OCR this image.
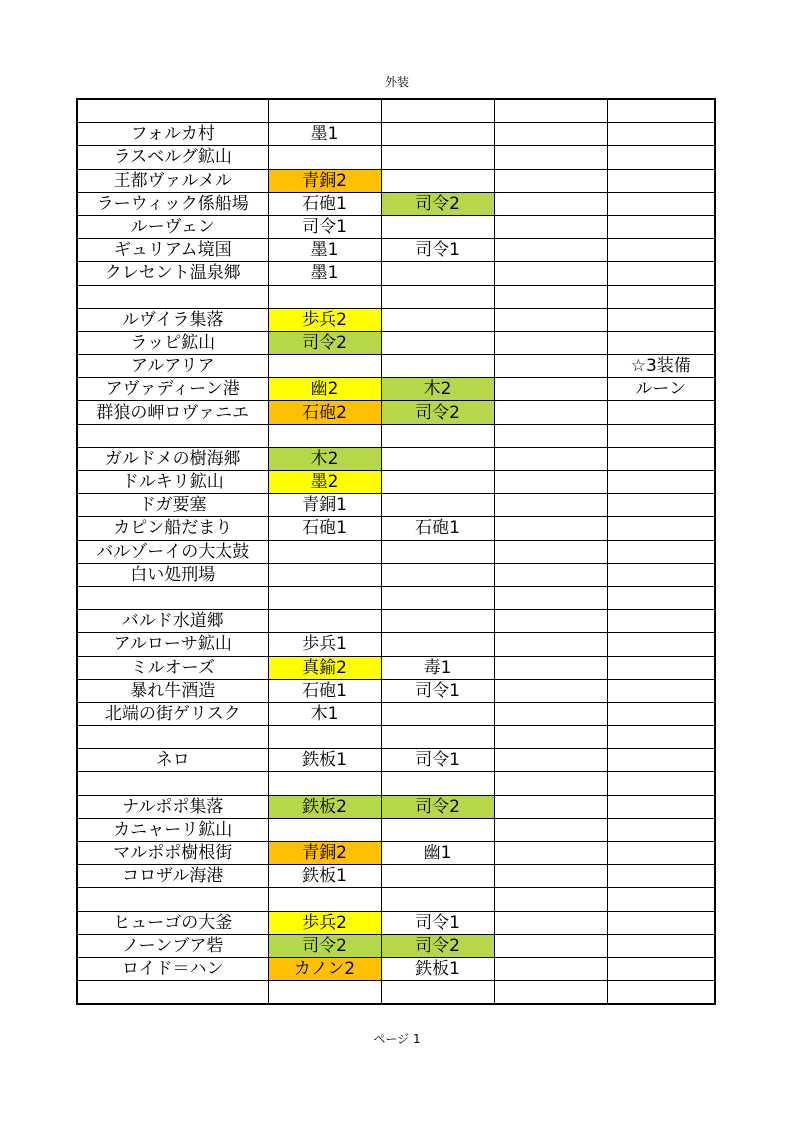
外装

フォルカ村	墨1			
ラスベルグ鉱山				
王都ヴァルメル	青銅2			
ラーウィック係船場	石砲1	司令2		
ルーヴェン	司令1			
ギュリアム境国	墨1	司令1		
クレセント温泉郷	墨1			

ルヴイラ集落	歩兵2			
ラッピ鉱山	司令2			
アルアリア				☆3装備
アヴァディーン港	幽2	木2		ルーン
群狼の岬ロヴァニエ	石砲2	司令2		

ガルドメの樹海郷	木2			
ドルキリ鉱山	墨2			
ドガ要塞	青銅1			
カピン船だまり	石砲1	石砲1		
バルゾーイの大太鼓				
白い処刑場				

バルド水道郷				
アルローサ鉱山	歩兵1			
ミルオーズ	真鍮2	毒1		
暴れ牛酒造	石砲1	司令1		
北端の街ゲリスク	木1			

ネロ	鉄板1	司令1		

ナルポポ集落	鉄板2	司令2		
カニャーリ鉱山				
マルポポ樹根街	青銅2	幽1		
コロザル海港	鉄板1			

ヒューゴの大釜	歩兵2	司令1		
ノーンブア砦	司令2	司令2		
ロイド＝ハン	カノン2	鉄板1		

ページ 1
